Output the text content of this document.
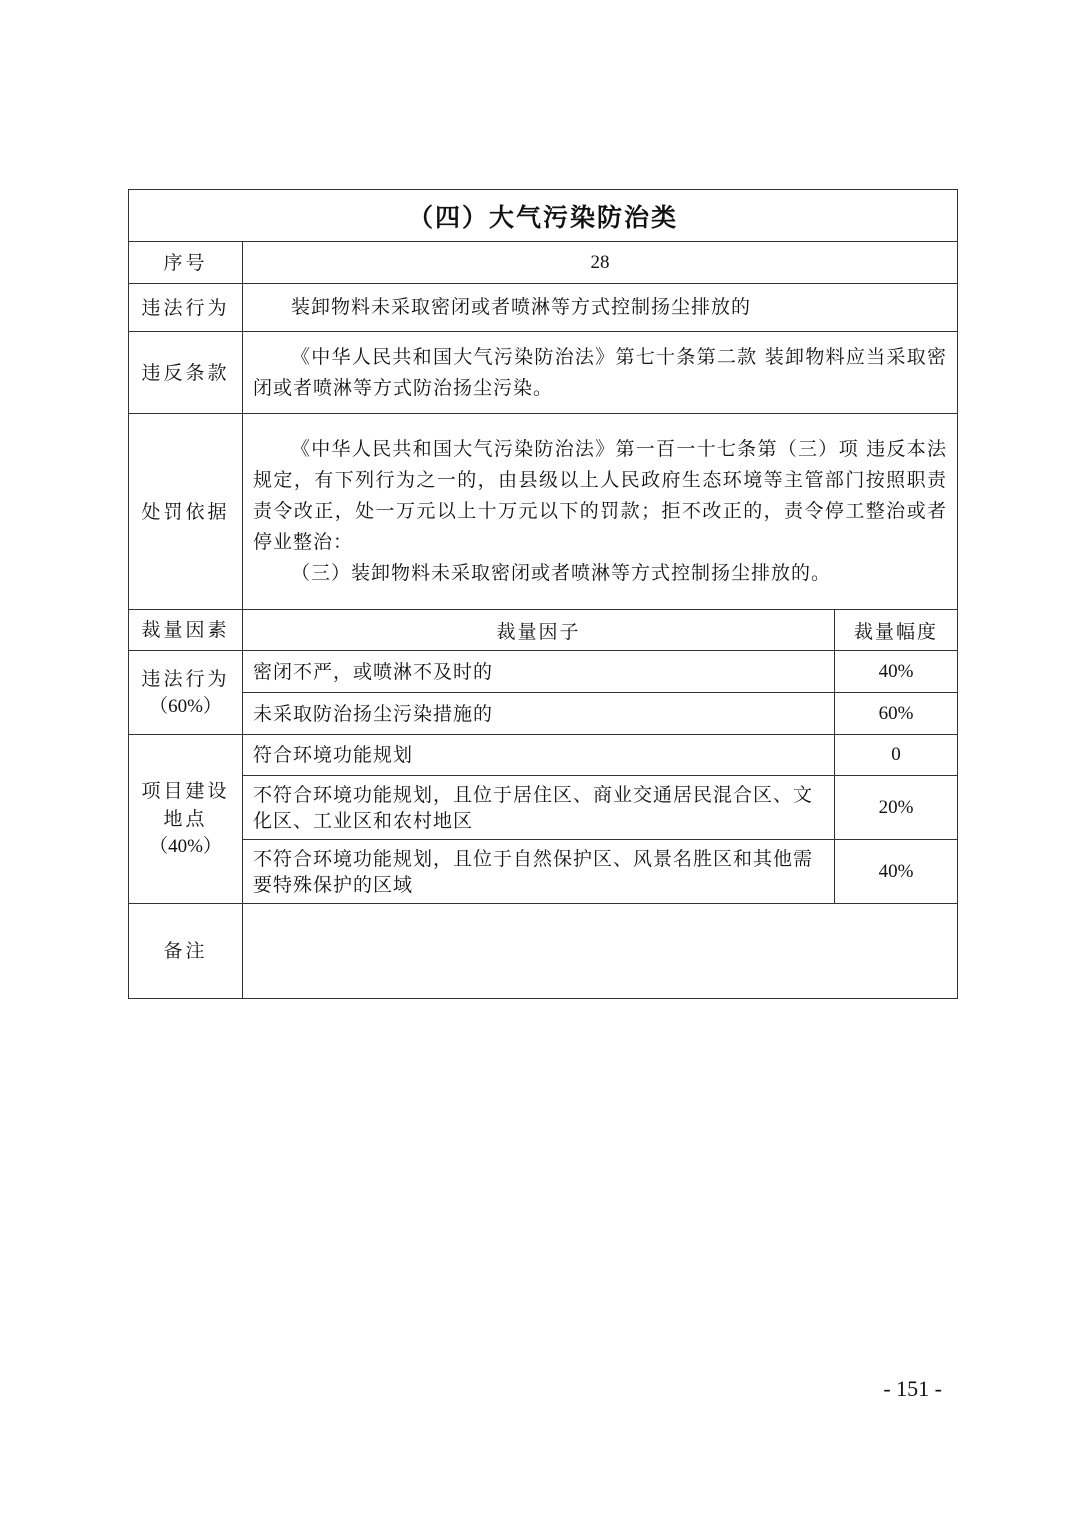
（四）大气污染防治类		
序号	28	
违法行为	装卸物料未采取密闭或者喷淋等方式控制扬尘排放的	
违反条款	《中华人民共和国大气污染防治法》第七十条第二款 装卸物料应当采取密闭或者喷淋等方式防治扬尘污染。	
处罚依据	《中华人民共和国大气污染防治法》第一百一十七条第（三）项 违反本法规定，有下列行为之一的，由县级以上人民政府生态环境等主管部门按照职责责令改正，处一万元以上十万元以下的罚款；拒不改正的，责令停工整治或者停业整治：

（三）装卸物料未采取密闭或者喷淋等方式控制扬尘排放的。	

裁量因素	裁量因子	裁量幅度

违法行为
（60%）	密闭不严，或喷淋不及时的	40%
	未采取防治扬尘污染措施的	60%

项目建设
地点
（40%）	符合环境功能规划	0
	不符合环境功能规划，且位于居住区、商业交通居民混合区、文化区、工业区和农村地区	20%
	不符合环境功能规划，且位于自然保护区、风景名胜区和其他需要特殊保护的区域	40%
备注		
- 151 -
